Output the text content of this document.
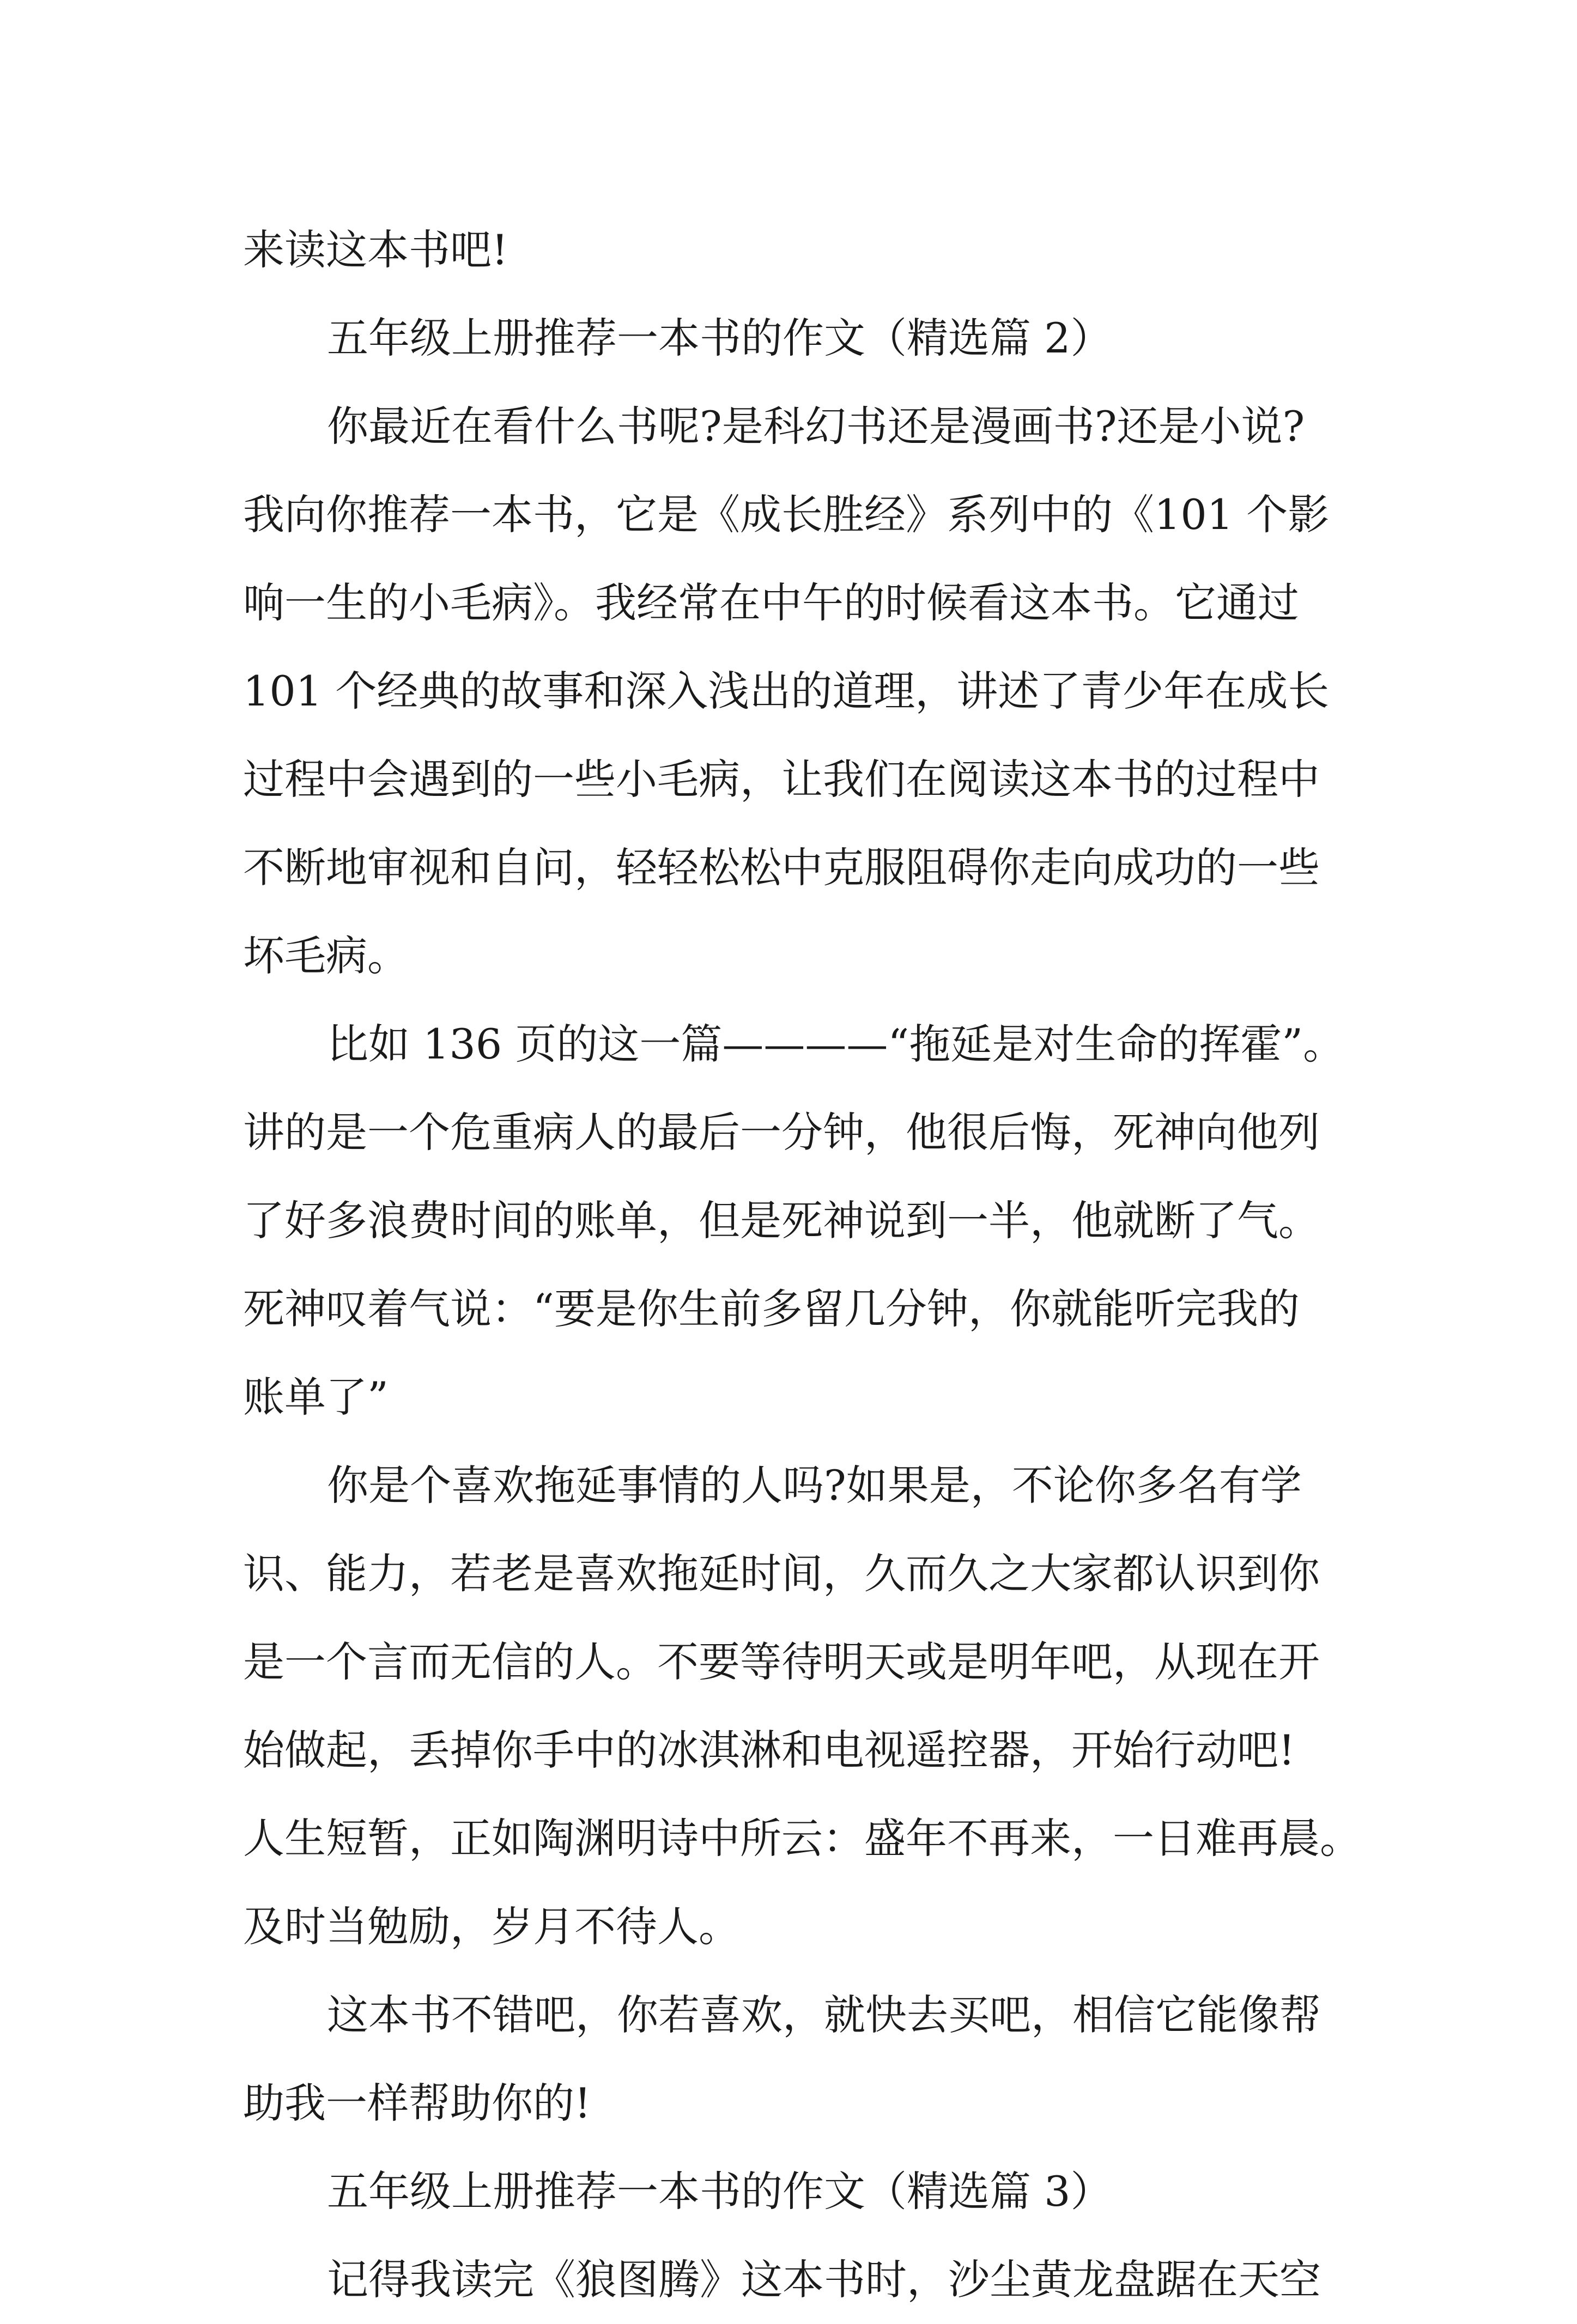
来读这本书吧!
五年级上册推荐一本书的作文（精选篇 2）
你最近在看什么书呢?是科幻书还是漫画书?还是小说?
我向你推荐一本书，它是《成长胜经》系列中的《101 个影
响一生的小毛病》。我经常在中午的时候看这本书。它通过
101 个经典的故事和深入浅出的道理，讲述了青少年在成长
过程中会遇到的一些小毛病，让我们在阅读这本书的过程中
不断地审视和自问，轻轻松松中克服阻碍你走向成功的一些
坏毛病。
比如 136 页的这一篇————“拖延是对生命的挥霍”。
讲的是一个危重病人的最后一分钟，他很后悔，死神向他列
了好多浪费时间的账单，但是死神说到一半，他就断了气。
死神叹着气说：“要是你生前多留几分钟，你就能听完我的
账单了”
你是个喜欢拖延事情的人吗?如果是，不论你多名有学
识、能力，若老是喜欢拖延时间，久而久之大家都认识到你
是一个言而无信的人。不要等待明天或是明年吧，从现在开
始做起，丢掉你手中的冰淇淋和电视遥控器，开始行动吧!
人生短暂，正如陶渊明诗中所云：盛年不再来，一日难再晨。
及时当勉励，岁月不待人。
这本书不错吧，你若喜欢，就快去买吧，相信它能像帮
助我一样帮助你的!
五年级上册推荐一本书的作文（精选篇 3）
记得我读完《狼图腾》这本书时，沙尘黄龙盘踞在天空
